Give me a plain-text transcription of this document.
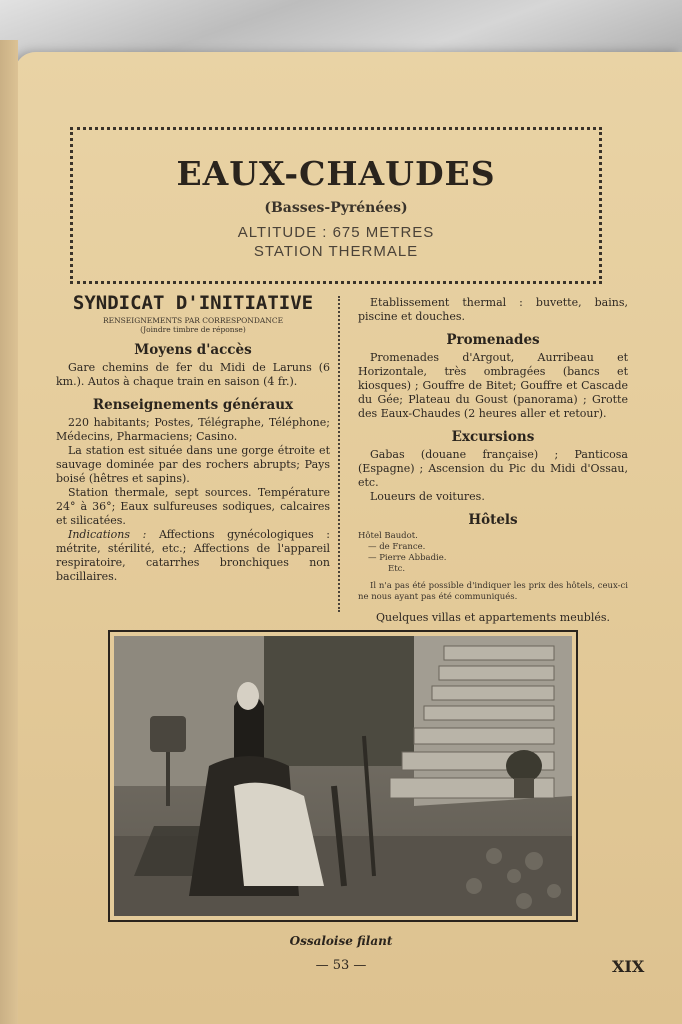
EAUX-CHAUDES
(Basses-Pyrénées)
ALTITUDE : 675 METRES
STATION THERMALE
SYNDICAT D'INITIATIVE
RENSEIGNEMENTS PAR CORRESPONDANCE
(Joindre timbre de réponse)
Moyens d'accès

Gare chemins de fer du Midi de Laruns (6 km.). Autos à chaque train en saison (4 fr.).

Renseignements généraux

220 habitants; Postes, Télégraphe, Téléphone; Médecins, Pharmaciens; Casino.

La station est située dans une gorge étroite et sauvage dominée par des rochers abrupts; Pays boisé (hêtres et sapins).

Station thermale, sept sources. Température 24° à 36°; Eaux sulfureuses sodiques, calcaires et silicatées.

Indications : Affections gynécologiques : métrite, stérilité, etc.; Affections de l'appareil respiratoire, catarrhes bronchiques non bacillaires.

Etablissement thermal : buvette, bains, piscine et douches.

Promenades

Promenades d'Argout, Aurribeau et Horizontale, très ombragées (bancs et kiosques) ; Gouffre de Bitet; Gouffre et Cascade du Gée; Plateau du Goust (panorama) ; Grotte des Eaux-Chaudes (2 heures aller et retour).

Excursions

Gabas (douane française) ; Panticosa (Espagne) ; Ascension du Pic du Midi d'Ossau, etc.

Loueurs de voitures.

Hôtels

Hôtel Baudot.

— de France.

— Pierre Abbadie.

Etc.

Il n'a pas été possible d'indiquer les prix des hôtels, ceux-ci ne nous ayant pas été communiqués.

Quelques villas et appartements meublés.

Ossaloise filant
— 53 —	XIX
